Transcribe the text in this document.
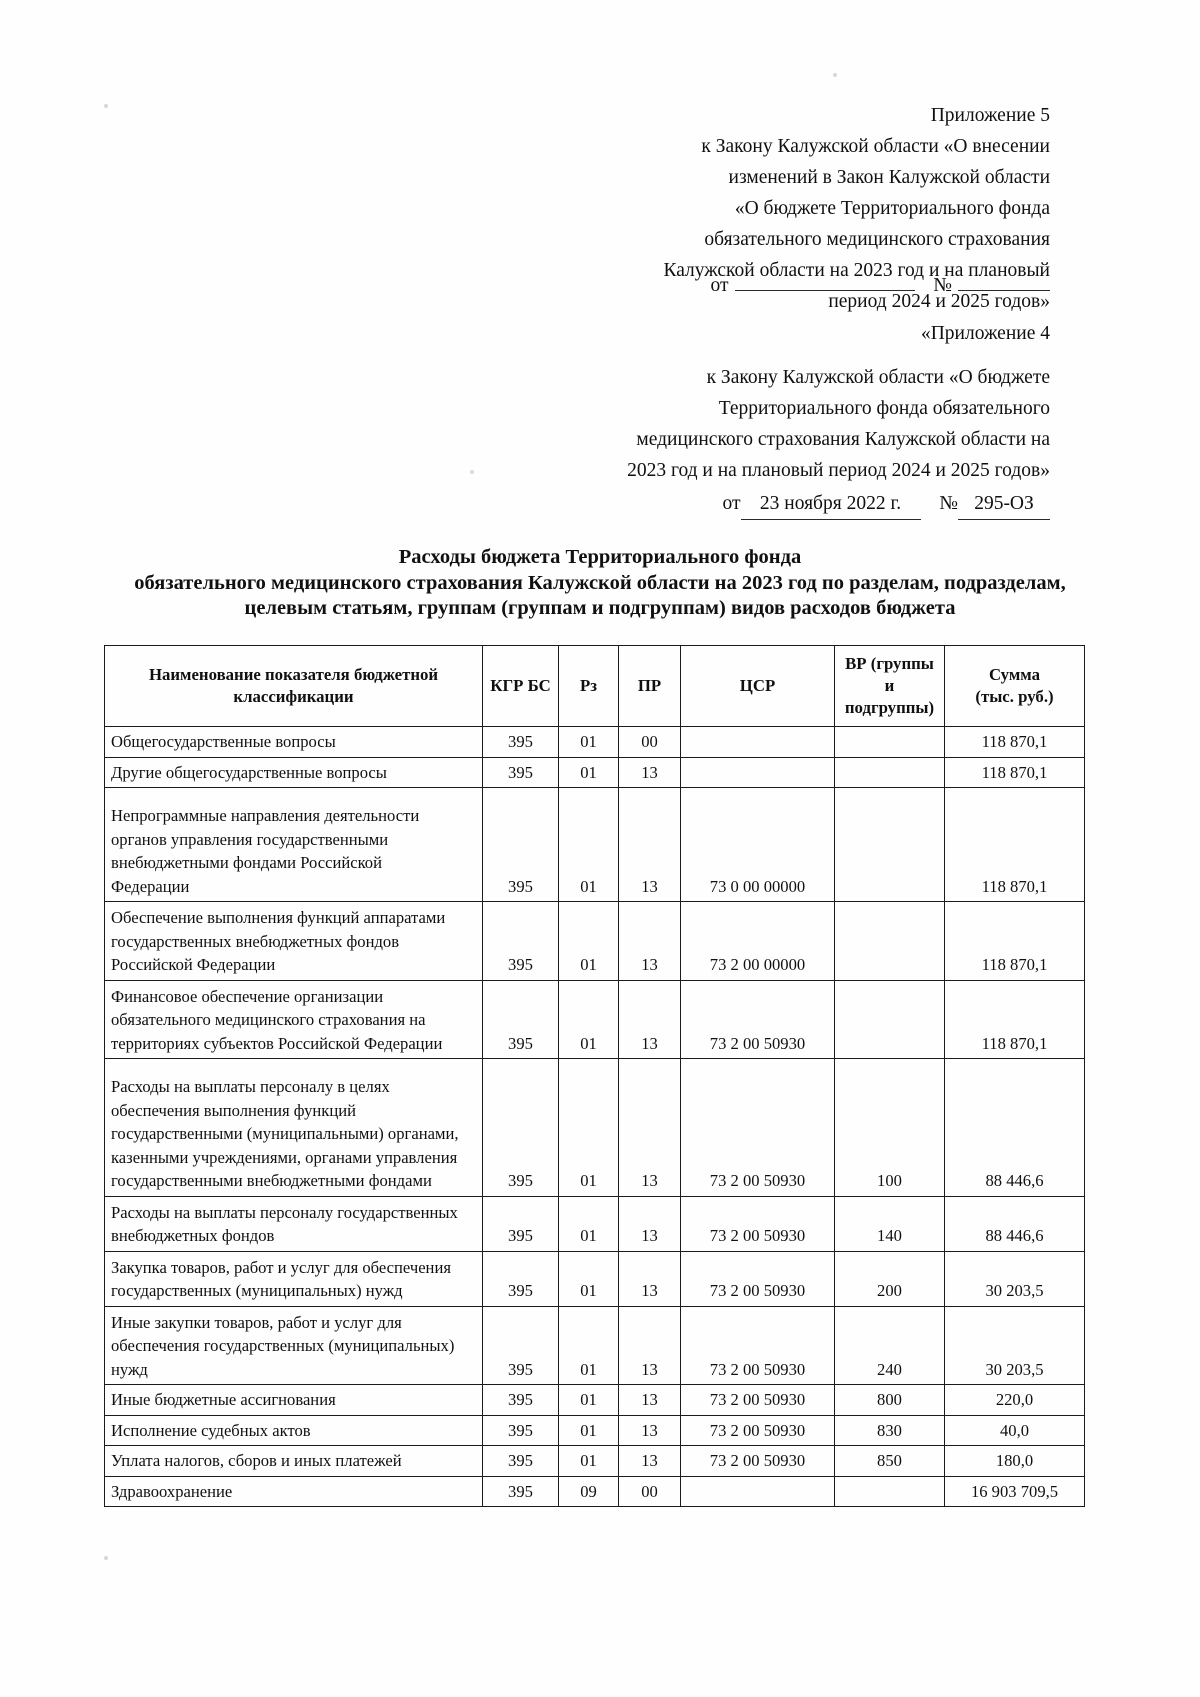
Приложение 5
к Закону Калужской области «О внесении
изменений в Закон Калужской области
«О бюджете Территориального фонда
обязательного медицинского страхования
Калужской области на 2023 год и на плановый
период 2024 и 2025 годов»
от	№
«Приложение 4
к Закону Калужской области «О бюджете
Территориального фонда обязательного
медицинского страхования Калужской области на
2023 год и на плановый период 2024 и 2025 годов»
от 23 ноября 2022 г. № 295-ОЗ
Расходы бюджета Территориального фонда
обязательного медицинского страхования Калужской области на 2023 год по разделам, подразделам,
целевым статьям, группам (группам и подгруппам) видов расходов бюджета
Наименование показателя бюджетной
классификации	КГР БС	Рз	ПР	ЦСР	ВР (группы
и
подгруппы)	Сумма
(тыс. руб.)

Общегосударственные вопросы	395	01	00			118 870,1

Другие общегосударственные вопросы	395	01	13			118 870,1

Непрограммные направления деятельности
органов управления государственными
внебюджетными фондами Российской
Федерации	395	01	13	73 0 00 00000		118 870,1

Обеспечение выполнения функций аппаратами
государственных внебюджетных фондов
Российской Федерации	395	01	13	73 2 00 00000		118 870,1

Финансовое обеспечение организации
обязательного медицинского страхования на
территориях субъектов Российской Федерации	395	01	13	73 2 00 50930		118 870,1

Расходы на выплаты персоналу в целях
обеспечения выполнения функций
государственными (муниципальными) органами,
казенными учреждениями, органами управления
государственными внебюджетными фондами	395	01	13	73 2 00 50930	100	88 446,6

Расходы на выплаты персоналу государственных
внебюджетных фондов	395	01	13	73 2 00 50930	140	88 446,6

Закупка товаров, работ и услуг для обеспечения
государственных (муниципальных) нужд	395	01	13	73 2 00 50930	200	30 203,5

Иные закупки товаров, работ и услуг для
обеспечения государственных (муниципальных)
нужд	395	01	13	73 2 00 50930	240	30 203,5

Иные бюджетные ассигнования	395	01	13	73 2 00 50930	800	220,0

Исполнение судебных актов	395	01	13	73 2 00 50930	830	40,0

Уплата налогов, сборов и иных платежей	395	01	13	73 2 00 50930	850	180,0

Здравоохранение	395	09	00			16 903 709,5
